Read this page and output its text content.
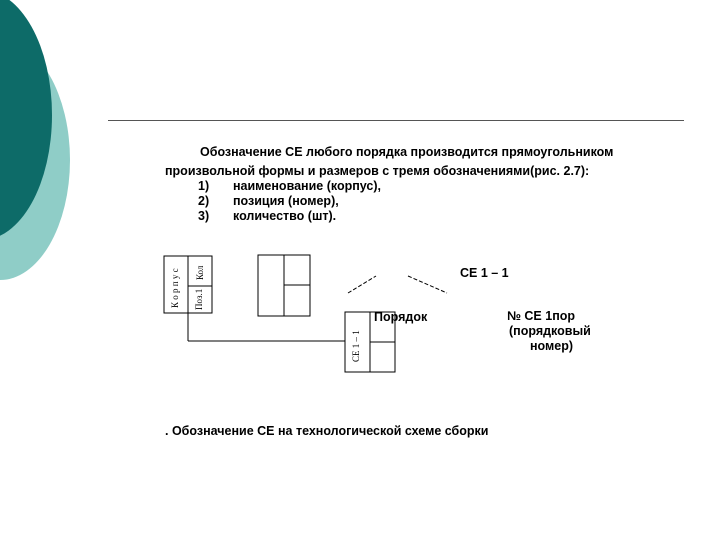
Обозначение СЕ любого порядка производится прямоугольником
произвольной формы и размеров с тремя обозначениями(рис. 2.7):
1) наименование (корпус),
2) позиция (номер),
3) количество (шт).
К о р п у с Поз.1
Кол
СЕ 1 – 1
СЕ 1 – 1
Порядок	№ СЕ 1пор
(порядковый
номер)
. Обозначение СЕ на технологической схеме сборки
